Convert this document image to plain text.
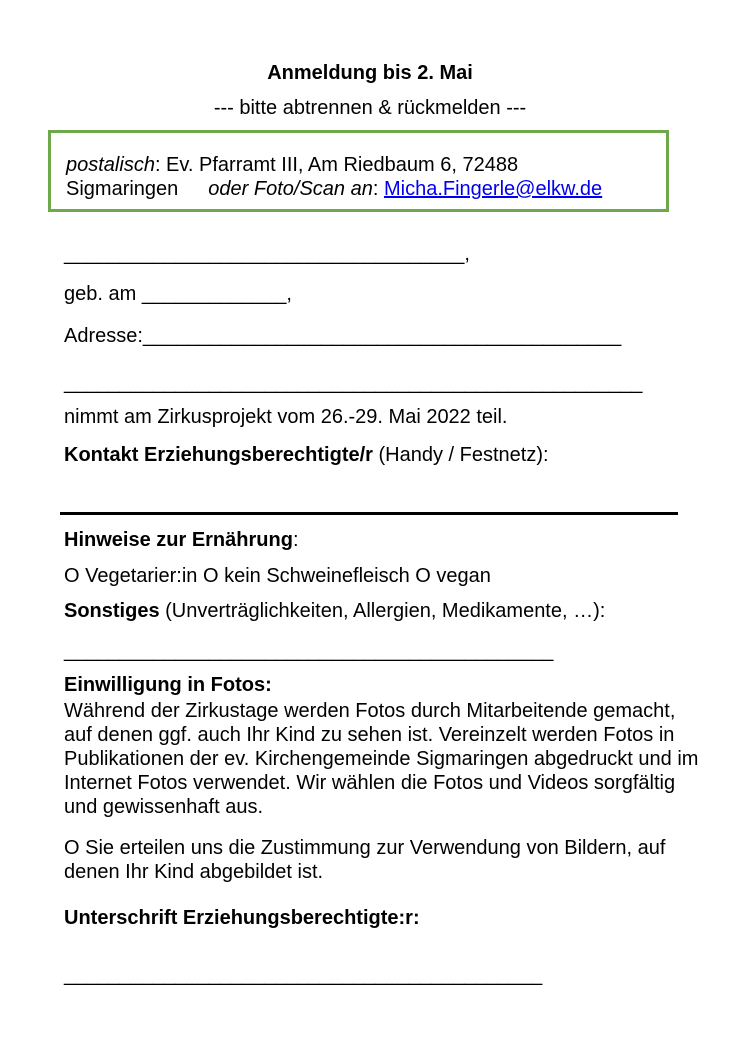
Anmeldung bis 2. Mai
--- bitte abtrennen & rückmelden ---
postalisch: Ev. Pfarramt III, Am Riedbaum 6, 72488
Sigmaringen oder Foto/Scan an: Micha.Fingerle@elkw.de
____________________________________,
geb. am _____________,
Adresse:___________________________________________
____________________________________________________
nimmt am Zirkusprojekt vom 26.-29. Mai 2022 teil.
Kontakt Erziehungsberechtigte/r (Handy / Festnetz):
Hinweise zur Ernährung:
O Vegetarier:in O kein Schweinefleisch O vegan
Sonstiges (Unverträglichkeiten, Allergien, Medikamente, …):
____________________________________________
Einwilligung in Fotos:
Während der Zirkustage werden Fotos durch Mitarbeitende gemacht, auf denen ggf. auch Ihr Kind zu sehen ist. Vereinzelt werden Fotos in Publikationen der ev. Kirchengemeinde Sigmaringen abgedruckt und im Internet Fotos verwendet. Wir wählen die Fotos und Videos sorgfältig und gewissenhaft aus.
O Sie erteilen uns die Zustimmung zur Verwendung von Bildern, auf denen Ihr Kind abgebildet ist.
Unterschrift Erziehungsberechtigte:r:
___________________________________________
